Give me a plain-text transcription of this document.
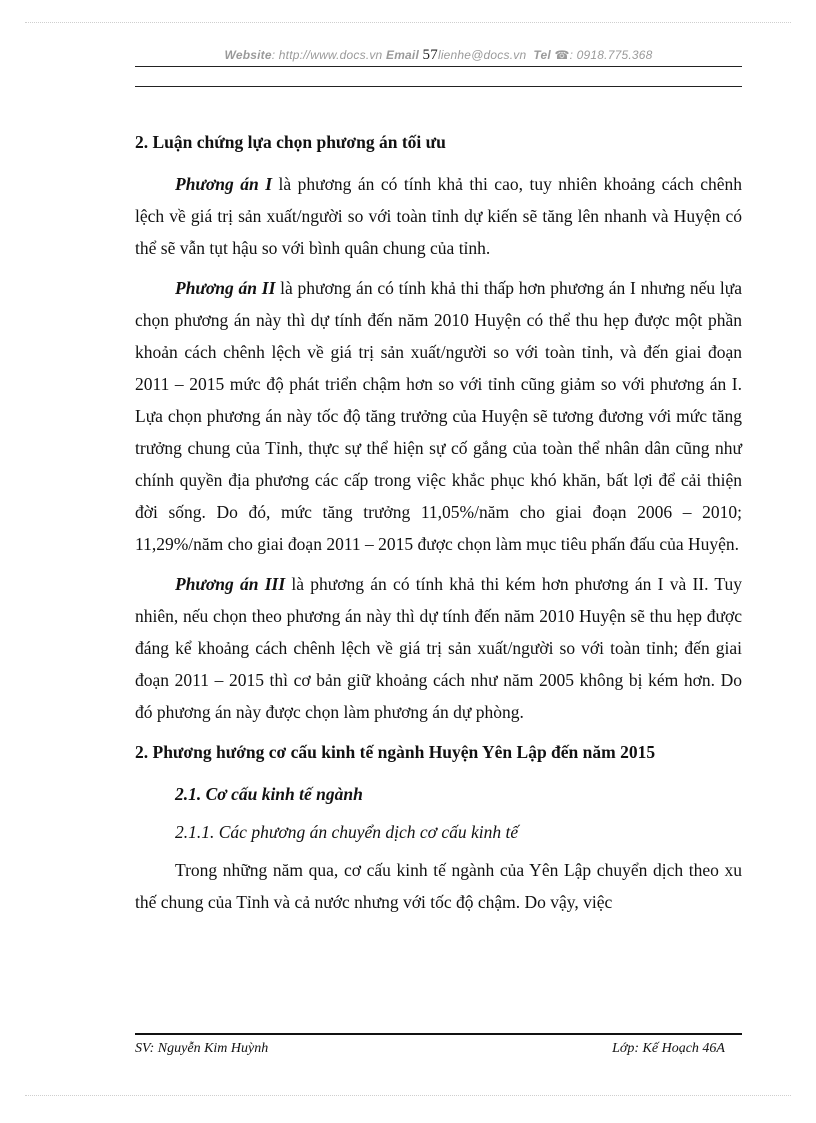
Website: http://www.docs.vn Email 57lienhe@docs.vn Tel ☎: 0918.775.368

2. Luận chứng lựa chọn phương án tối ưu

Phương án I là phương án có tính khả thi cao, tuy nhiên khoảng cách chênh lệch về giá trị sản xuất/người so với toàn tỉnh dự kiến sẽ tăng lên nhanh và Huyện có thể sẽ vẫn tụt hậu so với bình quân chung của tỉnh.

Phương án II là phương án có tính khả thi thấp hơn phương án I nhưng nếu lựa chọn phương án này thì dự tính đến năm 2010 Huyện có thể thu hẹp được một phần khoản cách chênh lệch về giá trị sản xuất/người so với toàn tỉnh, và đến giai đoạn 2011 – 2015 mức độ phát triển chậm hơn so với tỉnh cũng giảm so với phương án I. Lựa chọn phương án này tốc độ tăng trưởng của Huyện sẽ tương đương với mức tăng trưởng chung của Tỉnh, thực sự thể hiện sự cố gắng của toàn thể nhân dân cũng như chính quyền địa phương các cấp trong việc khắc phục khó khăn, bất lợi để cải thiện đời sống. Do đó, mức tăng trưởng 11,05%/năm cho giai đoạn 2006 – 2010; 11,29%/năm cho giai đoạn 2011 – 2015 được chọn làm mục tiêu phấn đấu của Huyện.

Phương án III là phương án có tính khả thi kém hơn phương án I và II. Tuy nhiên, nếu chọn theo phương án này thì dự tính đến năm 2010 Huyện sẽ thu hẹp được đáng kể khoảng cách chênh lệch về giá trị sản xuất/người so với toàn tỉnh; đến giai đoạn 2011 – 2015 thì cơ bản giữ khoảng cách như năm 2005 không bị kém hơn. Do đó phương án này được chọn làm phương án dự phòng.

2. Phương hướng cơ cấu kinh tế ngành Huyện Yên Lập đến năm 2015

2.1. Cơ cấu kinh tế ngành

2.1.1. Các phương án chuyển dịch cơ cấu kinh tế

Trong những năm qua, cơ cấu kinh tế ngành của Yên Lập chuyển dịch theo xu thế chung của Tỉnh và cả nước nhưng với tốc độ chậm. Do vậy, việc

SV: Nguyễn Kim Huỳnh	Lớp: Kế Hoạch 46A
